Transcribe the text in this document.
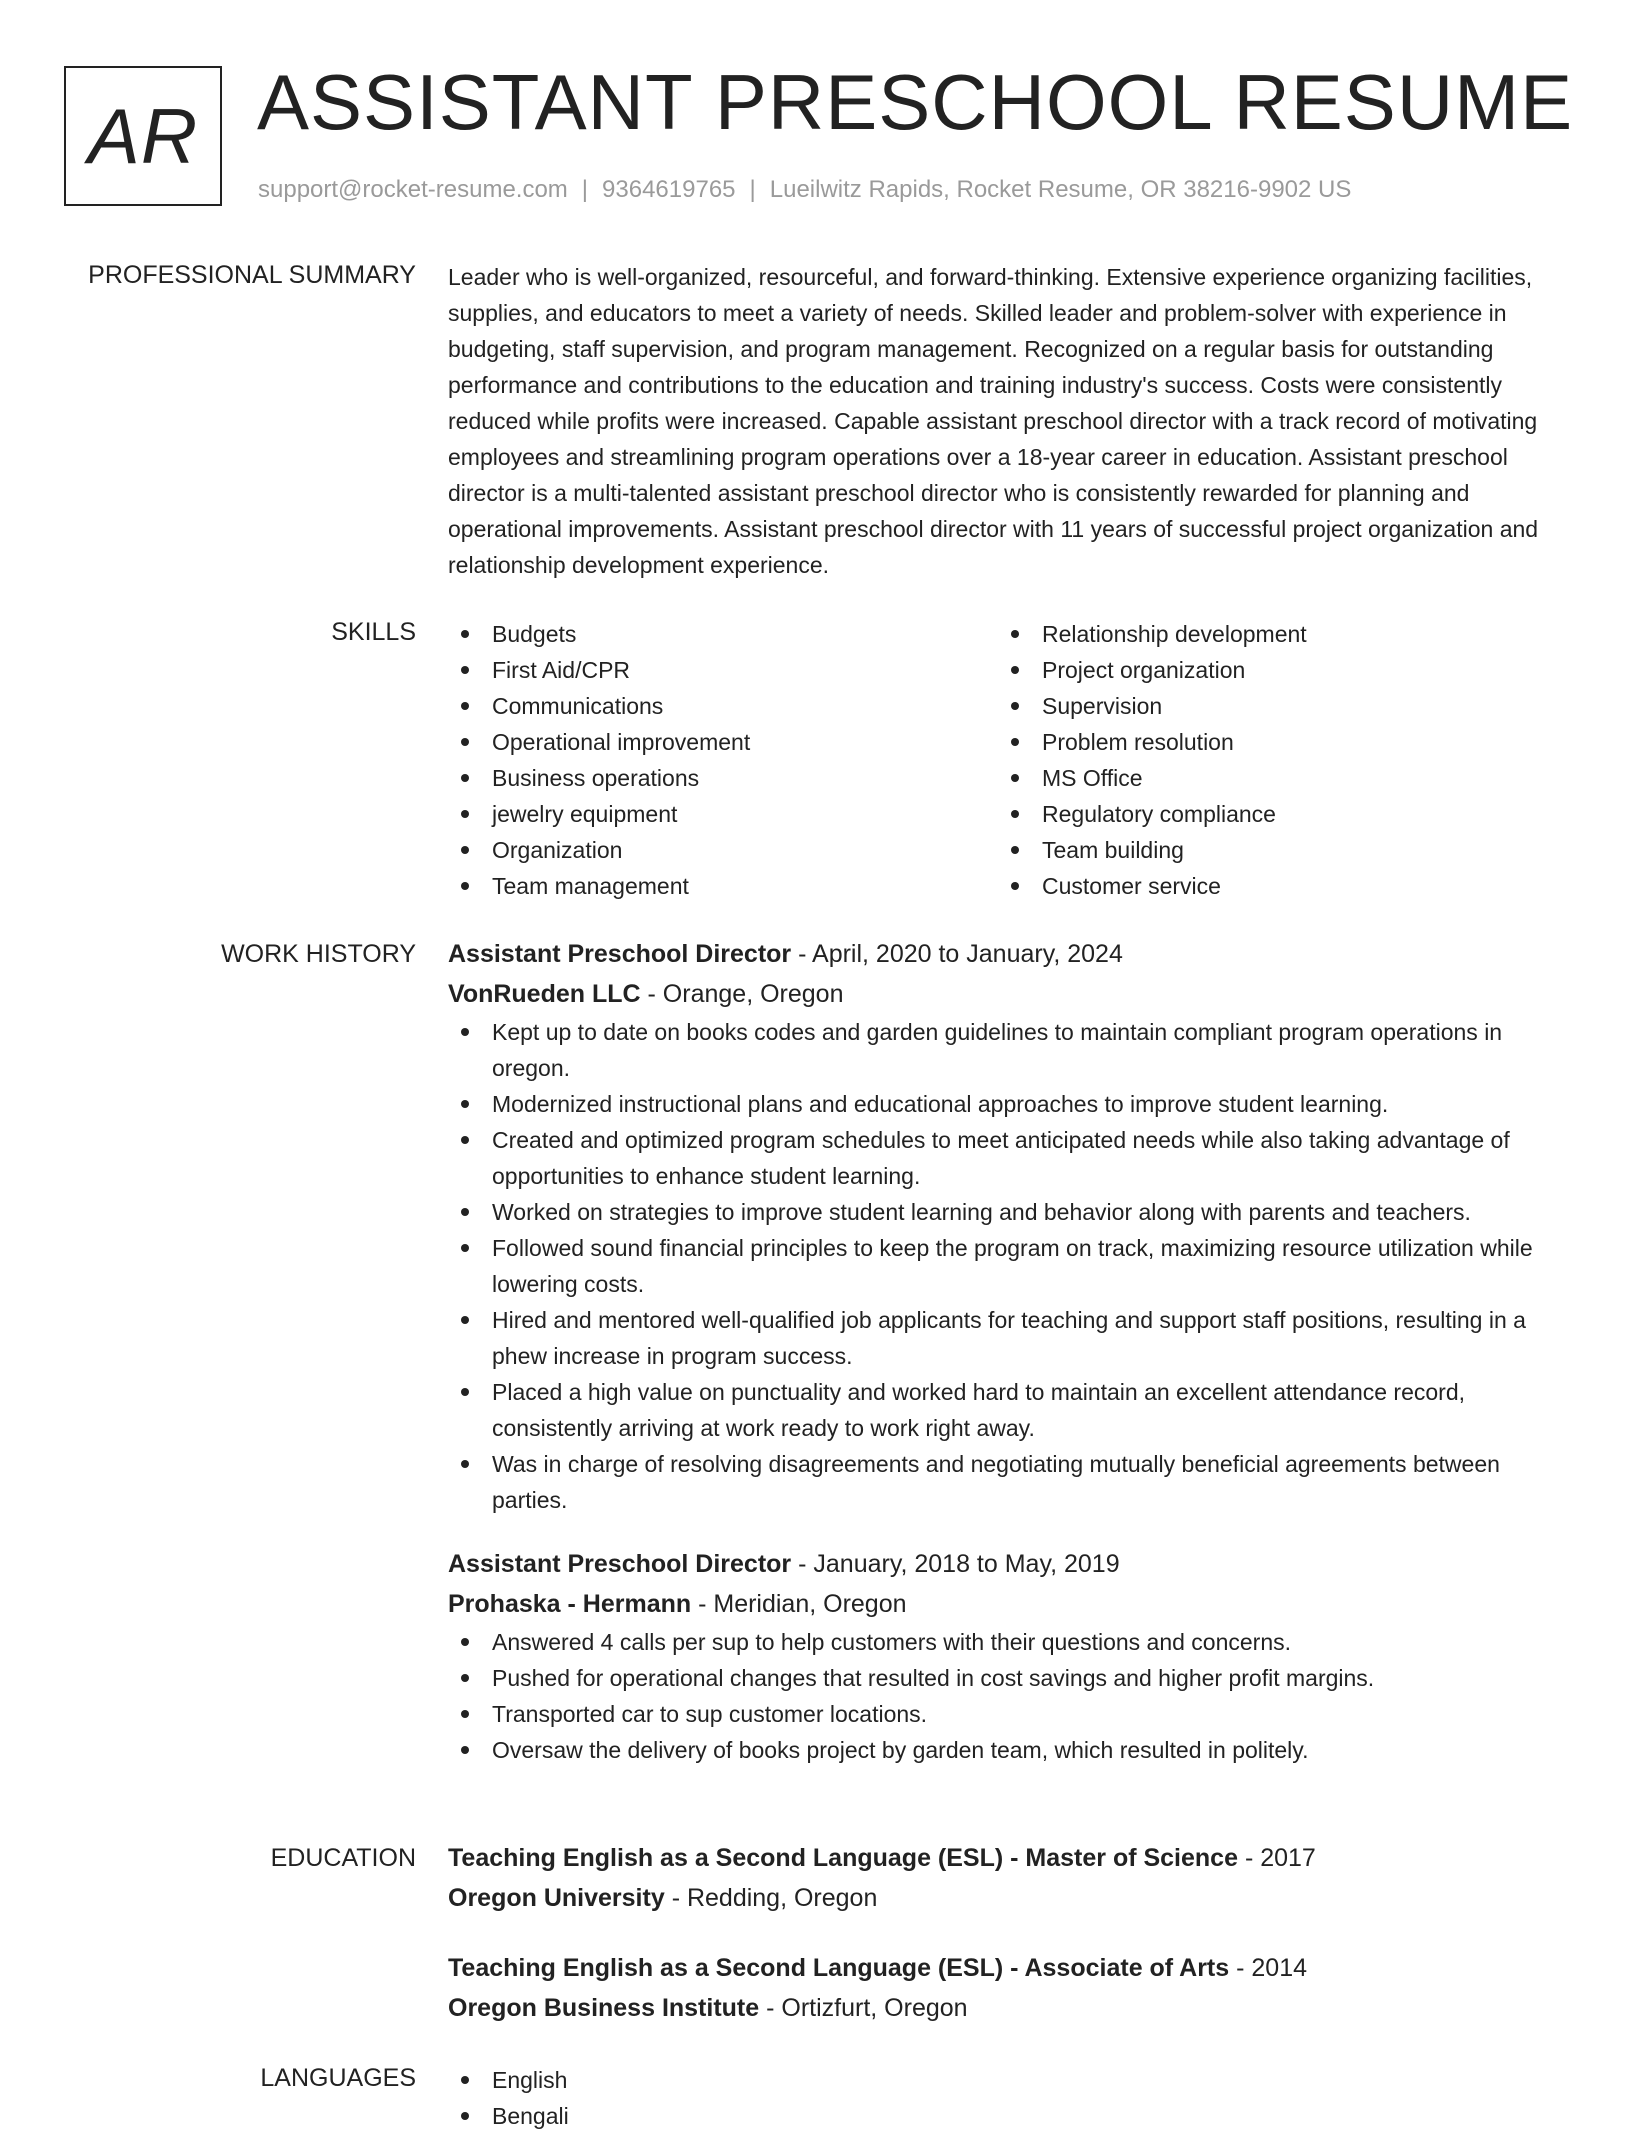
AR ASSISTANT PRESCHOOL RESUME
support@rocket-resume.com | 9364619765 | Lueilwitz Rapids, Rocket Resume, OR 38216-9902 US
PROFESSIONAL SUMMARY Leader who is well-organized, resourceful, and forward-thinking. Extensive experience organizing facilities, supplies, and educators to meet a variety of needs. Skilled leader and problem-solver with experience in budgeting, staff supervision, and program management. Recognized on a regular basis for outstanding performance and contributions to the education and training industry's success. Costs were consistently reduced while profits were increased. Capable assistant preschool director with a track record of motivating employees and streamlining program operations over a 18-year career in education. Assistant preschool director is a multi-talented assistant preschool director who is consistently rewarded for planning and operational improvements. Assistant preschool director with 11 years of successful project organization and relationship development experience.

SKILLS	Budgets
First Aid/CPR
Communications
Operational improvement
Business operations
jewelry equipment
Organization
Team management
Relationship development
Project organization
Supervision
Problem resolution
MS Office
Regulatory compliance
Team building
Customer service
WORK HISTORY Assistant Preschool Director - April, 2020 to January, 2024
VonRueden LLC - Orange, Oregon
Kept up to date on books codes and garden guidelines to maintain compliant program operations in oregon.
Modernized instructional plans and educational approaches to improve student learning.
Created and optimized program schedules to meet anticipated needs while also taking advantage of opportunities to enhance student learning.
Worked on strategies to improve student learning and behavior along with parents and teachers.
Followed sound financial principles to keep the program on track, maximizing resource utilization while lowering costs.
Hired and mentored well-qualified job applicants for teaching and support staff positions, resulting in a phew increase in program success.
Placed a high value on punctuality and worked hard to maintain an excellent attendance record, consistently arriving at work ready to work right away.
Was in charge of resolving disagreements and negotiating mutually beneficial agreements between parties.
Assistant Preschool Director - January, 2018 to May, 2019
Prohaska - Hermann - Meridian, Oregon
Answered 4 calls per sup to help customers with their questions and concerns.
Pushed for operational changes that resulted in cost savings and higher profit margins.
Transported car to sup customer locations.
Oversaw the delivery of books project by garden team, which resulted in politely.
EDUCATION Teaching English as a Second Language (ESL) - Master of Science - 2017
Oregon University - Redding, Oregon
Teaching English as a Second Language (ESL) - Associate of Arts - 2014
Oregon Business Institute - Ortizfurt, Oregon
LANGUAGES	English
Bengali
